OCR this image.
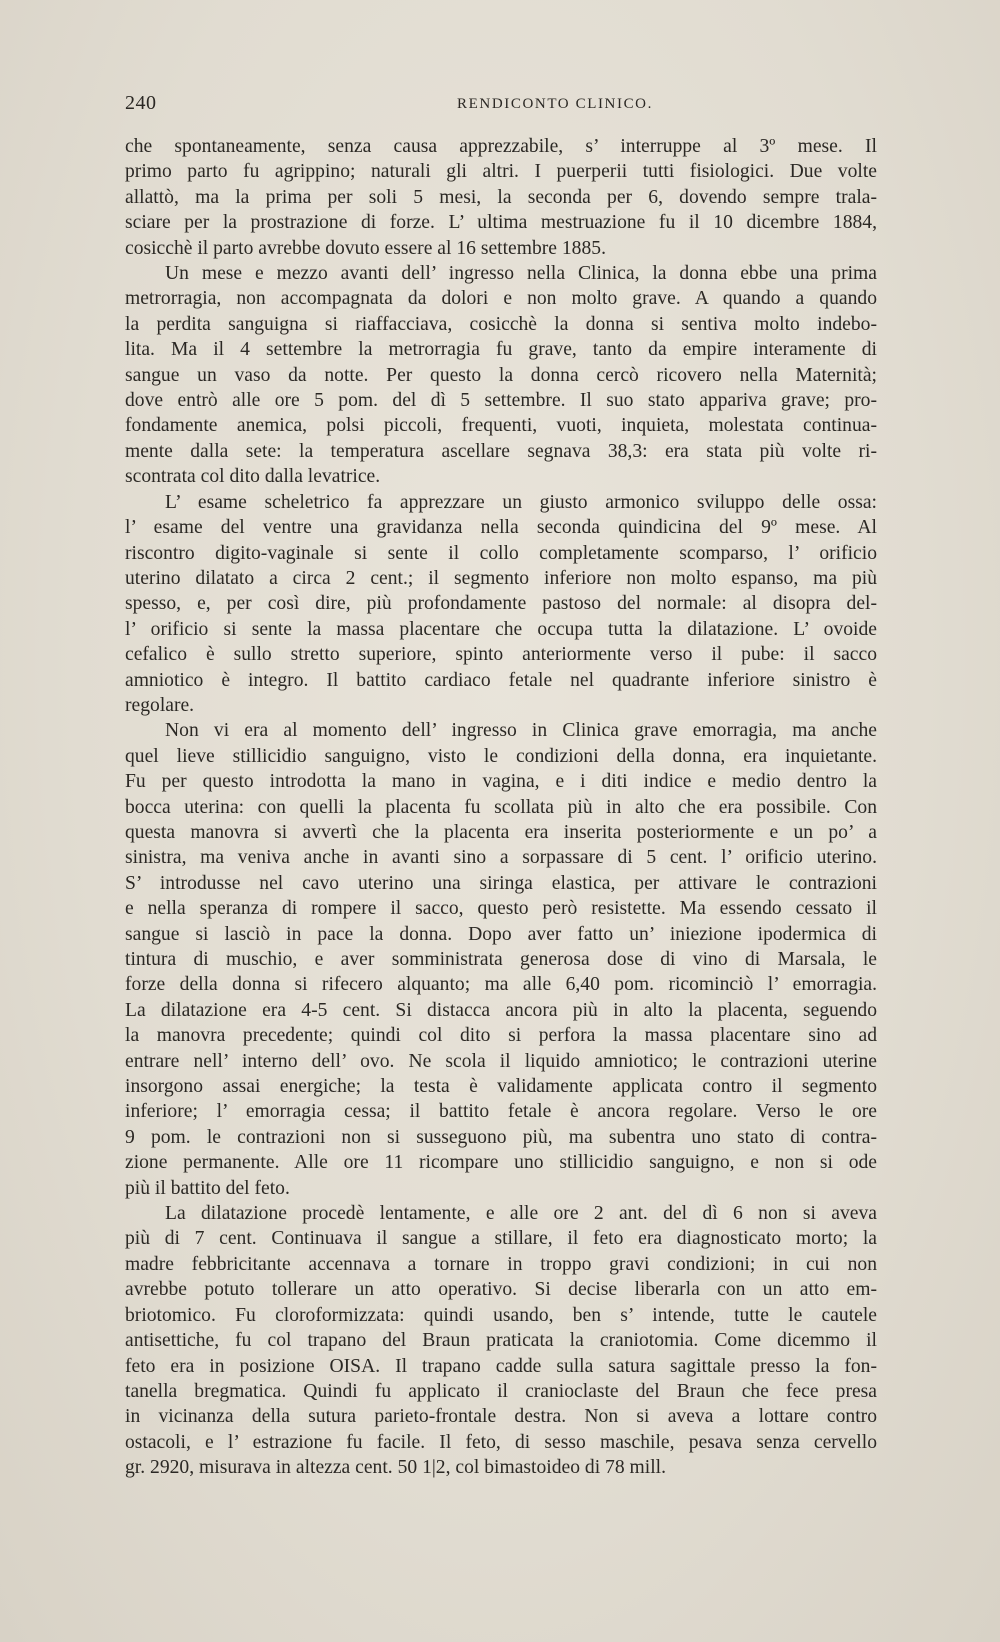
240	RENDICONTO CLINICO.
che spontaneamente, senza causa apprezzabile, s’ interruppe al 3º mese. Il
primo parto fu agrippino; naturali gli altri. I puerperii tutti fisiologici. Due volte
allattò, ma la prima per soli 5 mesi, la seconda per 6, dovendo sempre trala-
sciare per la prostrazione di forze. L’ ultima mestruazione fu il 10 dicembre 1884,
cosicchè il parto avrebbe dovuto essere al 16 settembre 1885.
Un mese e mezzo avanti dell’ ingresso nella Clinica, la donna ebbe una prima
metrorragia, non accompagnata da dolori e non molto grave. A quando a quando
la perdita sanguigna si riaffacciava, cosicchè la donna si sentiva molto indebo-
lita. Ma il 4 settembre la metrorragia fu grave, tanto da empire interamente di
sangue un vaso da notte. Per questo la donna cercò ricovero nella Maternità;
dove entrò alle ore 5 pom. del dì 5 settembre. Il suo stato appariva grave; pro-
fondamente anemica, polsi piccoli, frequenti, vuoti, inquieta, molestata continua-
mente dalla sete: la temperatura ascellare segnava 38,3: era stata più volte ri-
scontrata col dito dalla levatrice.
L’ esame scheletrico fa apprezzare un giusto armonico sviluppo delle ossa:
l’ esame del ventre una gravidanza nella seconda quindicina del 9º mese. Al
riscontro digito-vaginale si sente il collo completamente scomparso, l’ orificio
uterino dilatato a circa 2 cent.; il segmento inferiore non molto espanso, ma più
spesso, e, per così dire, più profondamente pastoso del normale: al disopra del-
l’ orificio si sente la massa placentare che occupa tutta la dilatazione. L’ ovoide
cefalico è sullo stretto superiore, spinto anteriormente verso il pube: il sacco
amniotico è integro. Il battito cardiaco fetale nel quadrante inferiore sinistro è
regolare.
Non vi era al momento dell’ ingresso in Clinica grave emorragia, ma anche
quel lieve stillicidio sanguigno, visto le condizioni della donna, era inquietante.
Fu per questo introdotta la mano in vagina, e i diti indice e medio dentro la
bocca uterina: con quelli la placenta fu scollata più in alto che era possibile. Con
questa manovra si avvertì che la placenta era inserita posteriormente e un po’ a
sinistra, ma veniva anche in avanti sino a sorpassare di 5 cent. l’ orificio uterino.
S’ introdusse nel cavo uterino una siringa elastica, per attivare le contrazioni
e nella speranza di rompere il sacco, questo però resistette. Ma essendo cessato il
sangue si lasciò in pace la donna. Dopo aver fatto un’ iniezione ipodermica di
tintura di muschio, e aver somministrata generosa dose di vino di Marsala, le
forze della donna si rifecero alquanto; ma alle 6,40 pom. ricominciò l’ emorragia.
La dilatazione era 4-5 cent. Si distacca ancora più in alto la placenta, seguendo
la manovra precedente; quindi col dito si perfora la massa placentare sino ad
entrare nell’ interno dell’ ovo. Ne scola il liquido amniotico; le contrazioni uterine
insorgono assai energiche; la testa è validamente applicata contro il segmento
inferiore; l’ emorragia cessa; il battito fetale è ancora regolare. Verso le ore
9 pom. le contrazioni non si susseguono più, ma subentra uno stato di contra-
zione permanente. Alle ore 11 ricompare uno stillicidio sanguigno, e non si ode
più il battito del feto.
La dilatazione procedè lentamente, e alle ore 2 ant. del dì 6 non si aveva
più di 7 cent. Continuava il sangue a stillare, il feto era diagnosticato morto; la
madre febbricitante accennava a tornare in troppo gravi condizioni; in cui non
avrebbe potuto tollerare un atto operativo. Si decise liberarla con un atto em-
briotomico. Fu cloroformizzata: quindi usando, ben s’ intende, tutte le cautele
antisettiche, fu col trapano del Braun praticata la craniotomia. Come dicemmo il
feto era in posizione OISA. Il trapano cadde sulla satura sagittale presso la fon-
tanella bregmatica. Quindi fu applicato il cranioclaste del Braun che fece presa
in vicinanza della sutura parieto-frontale destra. Non si aveva a lottare contro
ostacoli, e l’ estrazione fu facile. Il feto, di sesso maschile, pesava senza cervello
gr. 2920, misurava in altezza cent. 50 1|2, col bimastoideo di 78 mill.
